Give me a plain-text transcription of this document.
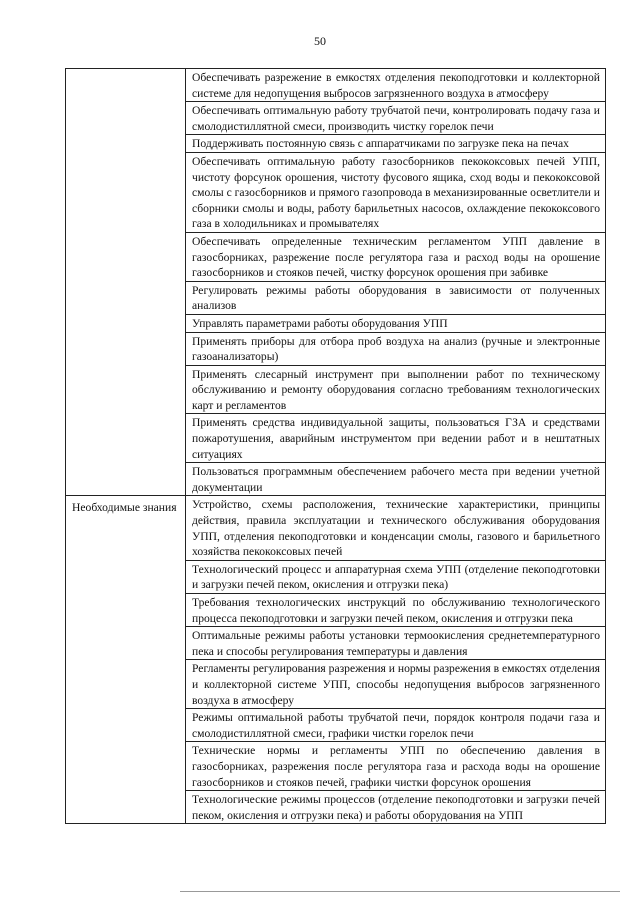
50
	Обеспечивать разрежение в емкостях отделения пекоподготовки и коллекторной системе для недопущения выбросов загрязненного воздуха в атмосферу
	Обеспечивать оптимальную работу трубчатой печи, контролировать подачу газа и смолодистиллятной смеси, производить чистку горелок печи
	Поддерживать постоянную связь с аппаратчиками по загрузке пека на печах
	Обеспечивать оптимальную работу газосборников пекококсовых печей УПП, чистоту форсунок орошения, чистоту фусового ящика, сход воды и пекококсовой смолы с газосборников и прямого газопровода в механизированные осветлители и сборники смолы и воды, работу барильетных насосов, охлаждение пекококсового газа в холодильниках и промывателях
	Обеспечивать определенные техническим регламентом УПП давление в газосборниках, разрежение после регулятора газа и расход воды на орошение газосборников и стояков печей, чистку форсунок орошения при забивке
	Регулировать режимы работы оборудования в зависимости от полученных анализов
	Управлять параметрами работы оборудования УПП
	Применять приборы для отбора проб воздуха на анализ (ручные и электронные газоанализаторы)
	Применять слесарный инструмент при выполнении работ по техническому обслуживанию и ремонту оборудования согласно требованиям технологических карт и регламентов
	Применять средства индивидуальной защиты, пользоваться ГЗА и средствами пожаротушения, аварийным инструментом при ведении работ и в нештатных ситуациях
	Пользоваться программным обеспечением рабочего места при ведении учетной документации
Необходимые знания	Устройство, схемы расположения, технические характеристики, принципы действия, правила эксплуатации и технического обслуживания оборудования УПП, отделения пекоподготовки и конденсации смолы, газового и барильетного хозяйства пекококсовых печей
	Технологический процесс и аппаратурная схема УПП (отделение пекоподготовки и загрузки печей пеком, окисления и отгрузки пека)
	Требования технологических инструкций по обслуживанию технологического процесса пекоподготовки и загрузки печей пеком, окисления и отгрузки пека
	Оптимальные режимы работы установки термоокисления среднетемпературного пека и способы регулирования температуры и давления
	Регламенты регулирования разрежения и нормы разрежения в емкостях отделения и коллекторной системе УПП, способы недопущения выбросов загрязненного воздуха в атмосферу
	Режимы оптимальной работы трубчатой печи, порядок контроля подачи газа и смолодистиллятной смеси, графики чистки горелок печи
	Технические нормы и регламенты УПП по обеспечению давления в газосборниках, разрежения после регулятора газа и расхода воды на орошение газосборников и стояков печей, графики чистки форсунок орошения
	Технологические режимы процессов (отделение пекоподготовки и загрузки печей пеком, окисления и отгрузки пека) и работы оборудования на УПП
